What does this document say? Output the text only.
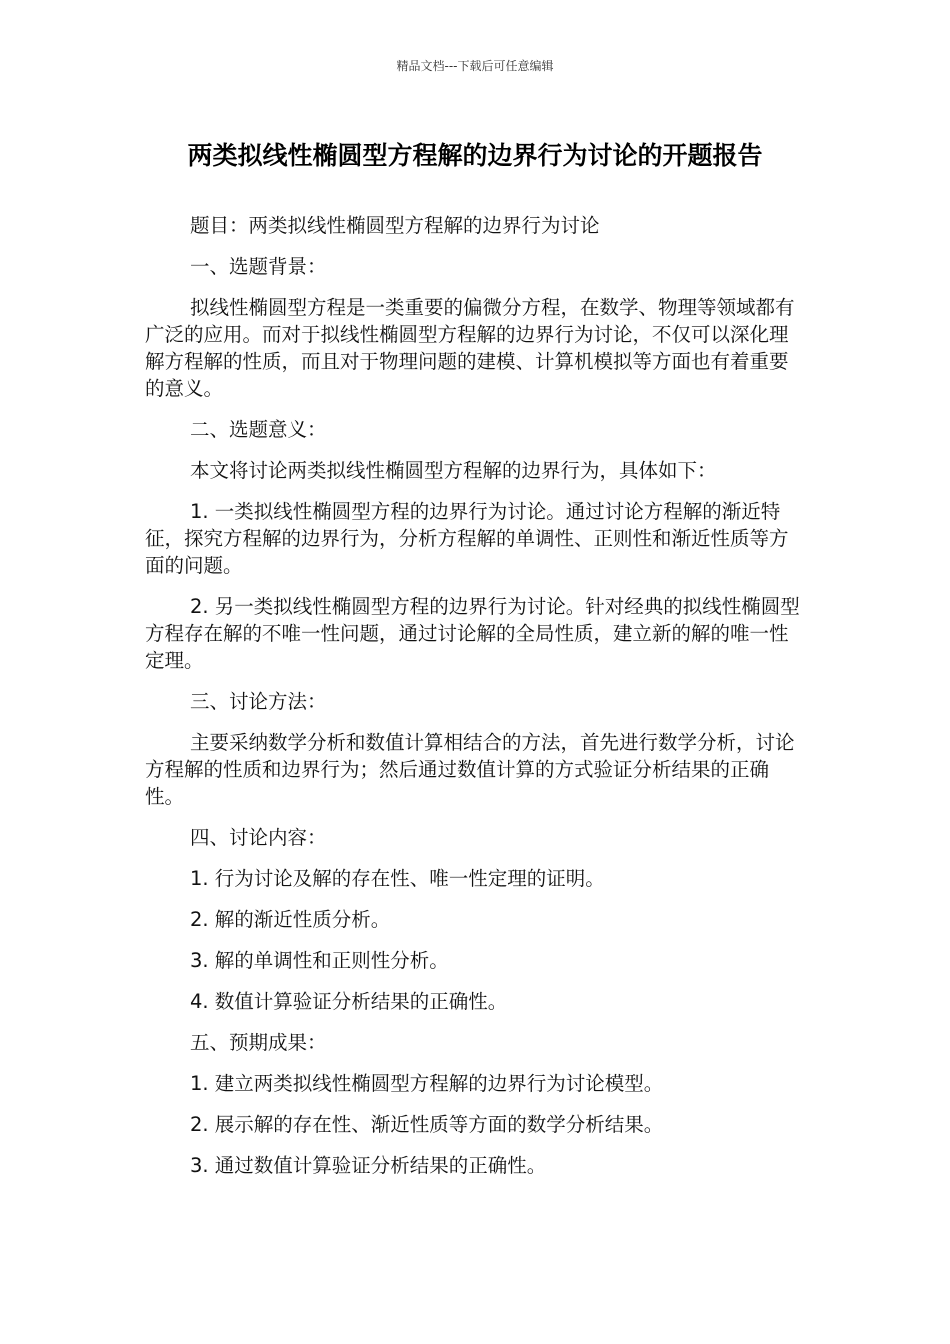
精品文档---下载后可任意编辑
两类拟线性椭圆型方程解的边界行为讨论的开题报告

题目：两类拟线性椭圆型方程解的边界行为讨论

一、选题背景：

拟线性椭圆型方程是一类重要的偏微分方程，在数学、物理等领域都有广泛的应用。而对于拟线性椭圆型方程解的边界行为讨论，不仅可以深化理解方程解的性质，而且对于物理问题的建模、计算机模拟等方面也有着重要的意义。

二、选题意义：

本文将讨论两类拟线性椭圆型方程解的边界行为，具体如下：

1. 一类拟线性椭圆型方程的边界行为讨论。通过讨论方程解的渐近特征，探究方程解的边界行为，分析方程解的单调性、正则性和渐近性质等方面的问题。

2. 另一类拟线性椭圆型方程的边界行为讨论。针对经典的拟线性椭圆型方程存在解的不唯一性问题，通过讨论解的全局性质，建立新的解的唯一性定理。

三、讨论方法：

主要采纳数学分析和数值计算相结合的方法，首先进行数学分析，讨论方程解的性质和边界行为；然后通过数值计算的方式验证分析结果的正确性。

四、讨论内容：

1. 行为讨论及解的存在性、唯一性定理的证明。

2. 解的渐近性质分析。

3. 解的单调性和正则性分析。

4. 数值计算验证分析结果的正确性。

五、预期成果：

1. 建立两类拟线性椭圆型方程解的边界行为讨论模型。

2. 展示解的存在性、渐近性质等方面的数学分析结果。

3. 通过数值计算验证分析结果的正确性。
